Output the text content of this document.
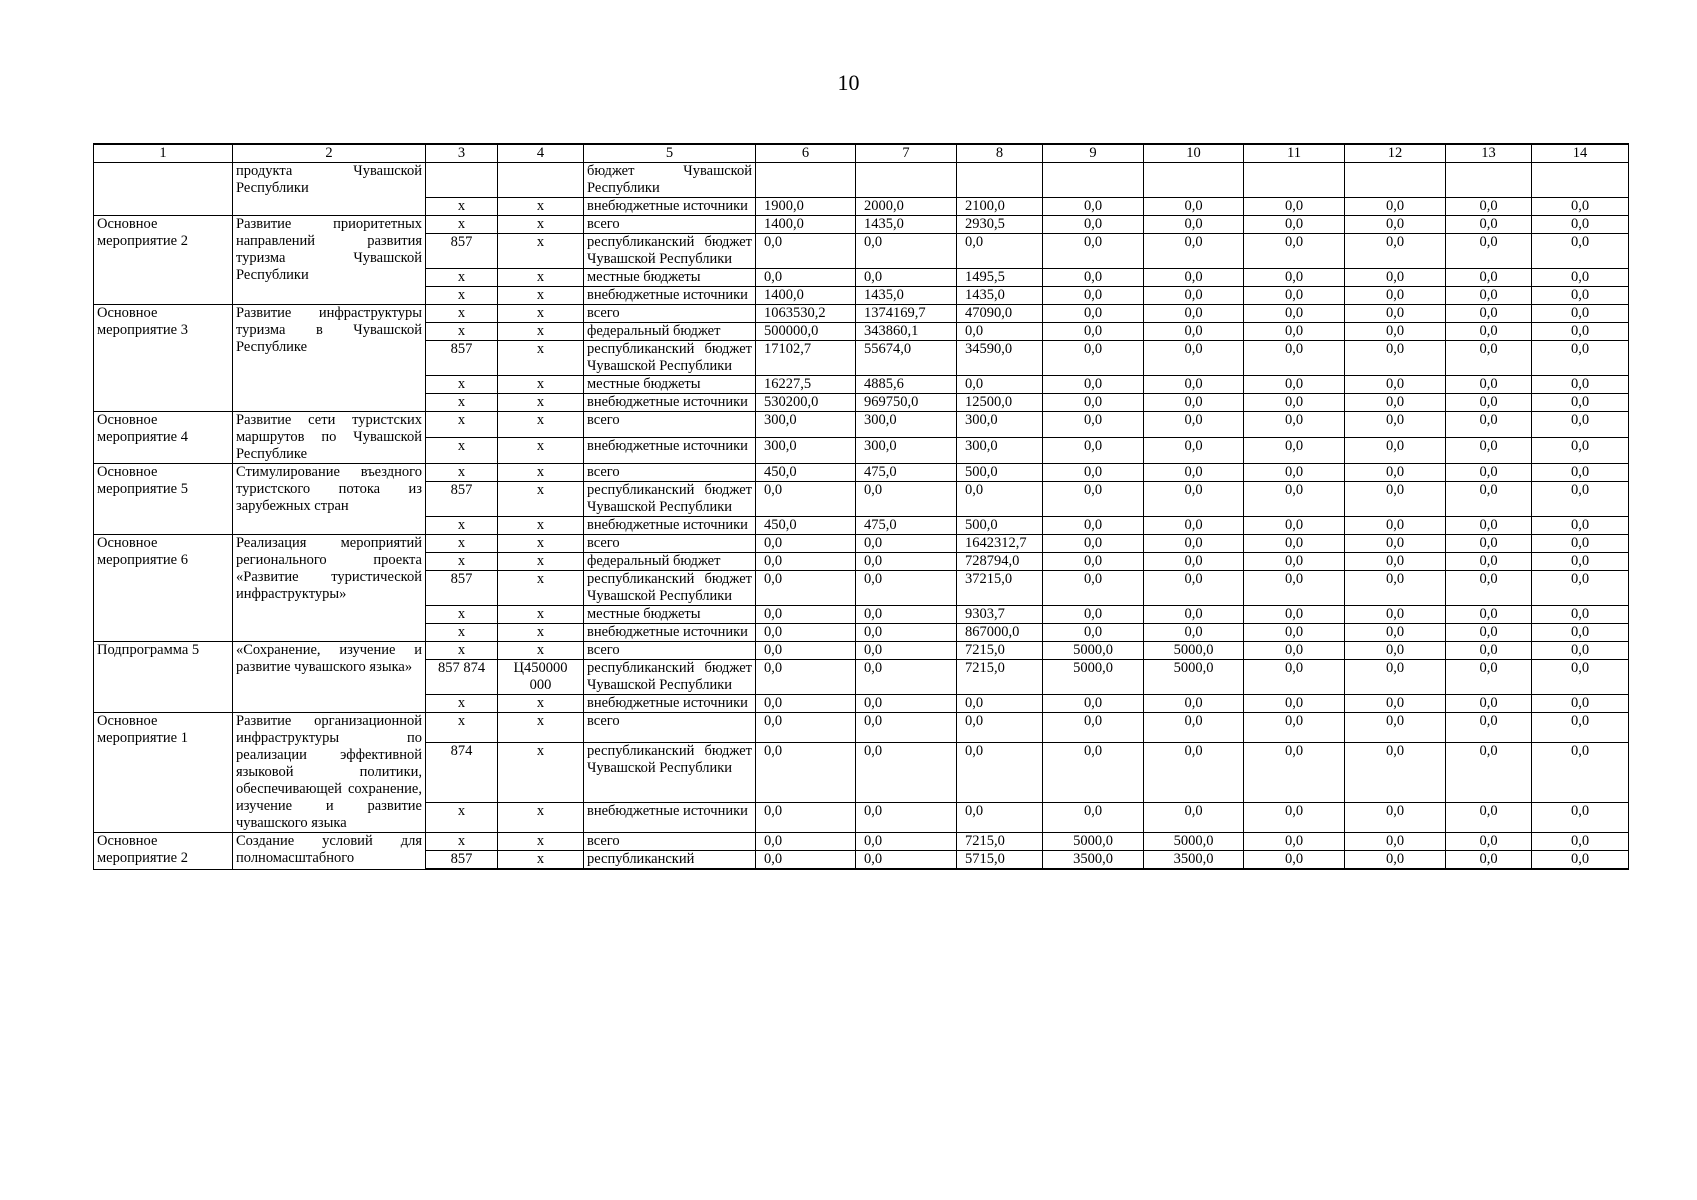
10
1	2	3	4	5	6	7	8	9	10	11	12	13	14
	продукта Чувашской Республики			бюджет Чувашской Республики									
		х	х	внебюджетные источники	1900,0	2000,0	2100,0	0,0	0,0	0,0	0,0	0,0	0,0
Основное мероприятие 2	Развитие приоритетных направлений развития туризма Чувашской Республики	х	х	всего	1400,0	1435,0	2930,5	0,0	0,0	0,0	0,0	0,0	0,0
		857	х	республиканский бюджет Чувашской Республики	0,0	0,0	0,0	0,0	0,0	0,0	0,0	0,0	0,0
		х	х	местные бюджеты	0,0	0,0	1495,5	0,0	0,0	0,0	0,0	0,0	0,0
		х	х	внебюджетные источники	1400,0	1435,0	1435,0	0,0	0,0	0,0	0,0	0,0	0,0
Основное мероприятие 3	Развитие инфраструктуры туризма в Чувашской Республике	х	х	всего	1063530,2	1374169,7	47090,0	0,0	0,0	0,0	0,0	0,0	0,0
		х	х	федеральный бюджет	500000,0	343860,1	0,0	0,0	0,0	0,0	0,0	0,0	0,0
		857	х	республиканский бюджет Чувашской Республики	17102,7	55674,0	34590,0	0,0	0,0	0,0	0,0	0,0	0,0
		х	х	местные бюджеты	16227,5	4885,6	0,0	0,0	0,0	0,0	0,0	0,0	0,0
		х	х	внебюджетные источники	530200,0	969750,0	12500,0	0,0	0,0	0,0	0,0	0,0	0,0
Основное мероприятие 4	Развитие сети туристских маршрутов по Чувашской Республике	х	х	всего	300,0	300,0	300,0	0,0	0,0	0,0	0,0	0,0	0,0
		х	х	внебюджетные источники	300,0	300,0	300,0	0,0	0,0	0,0	0,0	0,0	0,0
Основное мероприятие 5	Стимулирование въездного туристского потока из зарубежных стран	х	х	всего	450,0	475,0	500,0	0,0	0,0	0,0	0,0	0,0	0,0
		857	х	республиканский бюджет Чувашской Республики	0,0	0,0	0,0	0,0	0,0	0,0	0,0	0,0	0,0
		х	х	внебюджетные источники	450,0	475,0	500,0	0,0	0,0	0,0	0,0	0,0	0,0
Основное мероприятие 6	Реализация мероприятий регионального проекта «Развитие туристической инфраструктуры»	х	х	всего	0,0	0,0	1642312,7	0,0	0,0	0,0	0,0	0,0	0,0
		х	х	федеральный бюджет	0,0	0,0	728794,0	0,0	0,0	0,0	0,0	0,0	0,0
		857	х	республиканский бюджет Чувашской Республики	0,0	0,0	37215,0	0,0	0,0	0,0	0,0	0,0	0,0
		х	х	местные бюджеты	0,0	0,0	9303,7	0,0	0,0	0,0	0,0	0,0	0,0
		х	х	внебюджетные источники	0,0	0,0	867000,0	0,0	0,0	0,0	0,0	0,0	0,0
Подпрограмма 5	«Сохранение, изучение и развитие чувашского языка»	х	х	всего	0,0	0,0	7215,0	5000,0	5000,0	0,0	0,0	0,0	0,0
		857 874	Ц450000 000	республиканский бюджет Чувашской Республики	0,0	0,0	7215,0	5000,0	5000,0	0,0	0,0	0,0	0,0
		х	х	внебюджетные источники	0,0	0,0	0,0	0,0	0,0	0,0	0,0	0,0	0,0
Основное мероприятие 1	Развитие организационной инфраструктуры по реализации эффективной языковой политики, обеспечивающей сохранение, изучение и развитие чувашского языка	х	х	всего	0,0	0,0	0,0	0,0	0,0	0,0	0,0	0,0	0,0
		874	х	республиканский бюджет Чувашской Республики	0,0	0,0	0,0	0,0	0,0	0,0	0,0	0,0	0,0
		х	х	внебюджетные источники	0,0	0,0	0,0	0,0	0,0	0,0	0,0	0,0	0,0
Основное мероприятие 2	Создание условий для полномасштабного	х	х	всего	0,0	0,0	7215,0	5000,0	5000,0	0,0	0,0	0,0	0,0
		857	х	республиканский	0,0	0,0	5715,0	3500,0	3500,0	0,0	0,0	0,0	0,0
